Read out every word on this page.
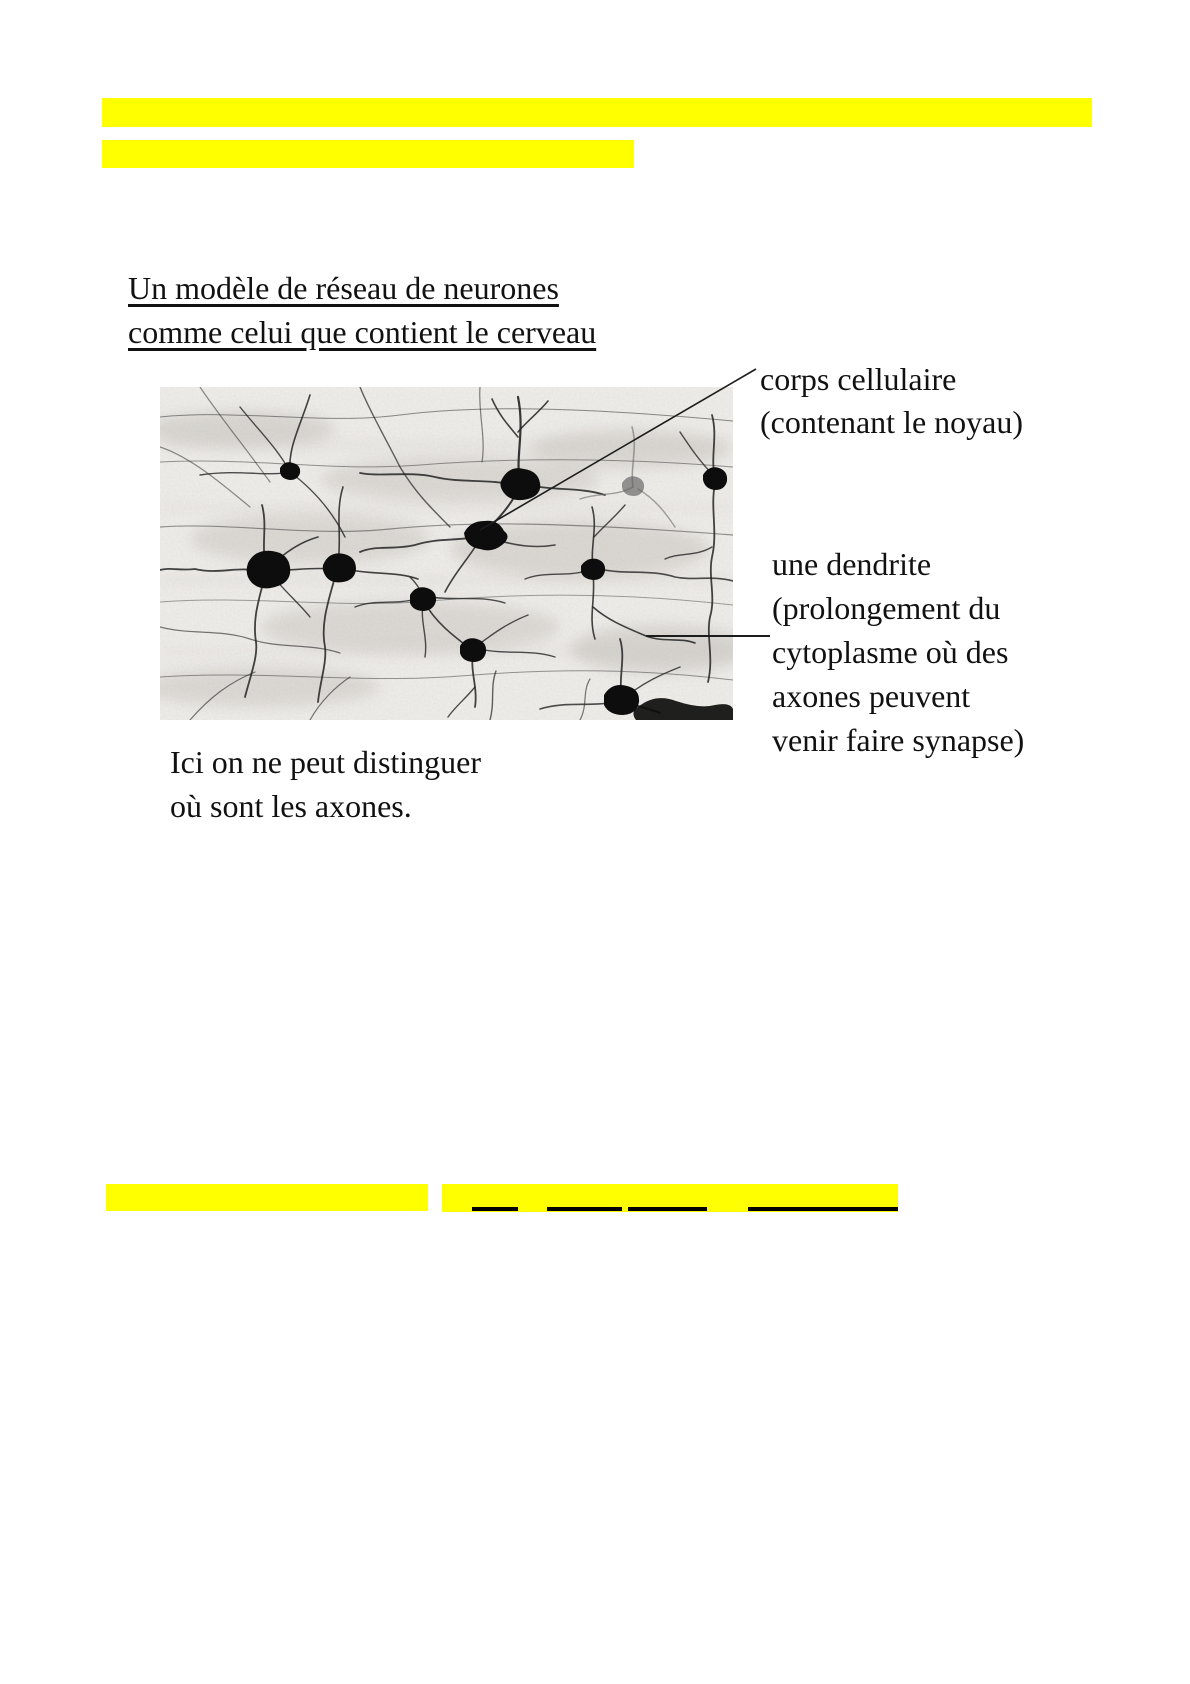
Un modèle de réseau de neurones
comme celui que contient le cerveau
corps cellulaire
(contenant le noyau)
une dendrite
(prolongement du
cytoplasme où des
axones peuvent
venir faire synapse)
Ici on ne peut distinguer
où sont les axones.
